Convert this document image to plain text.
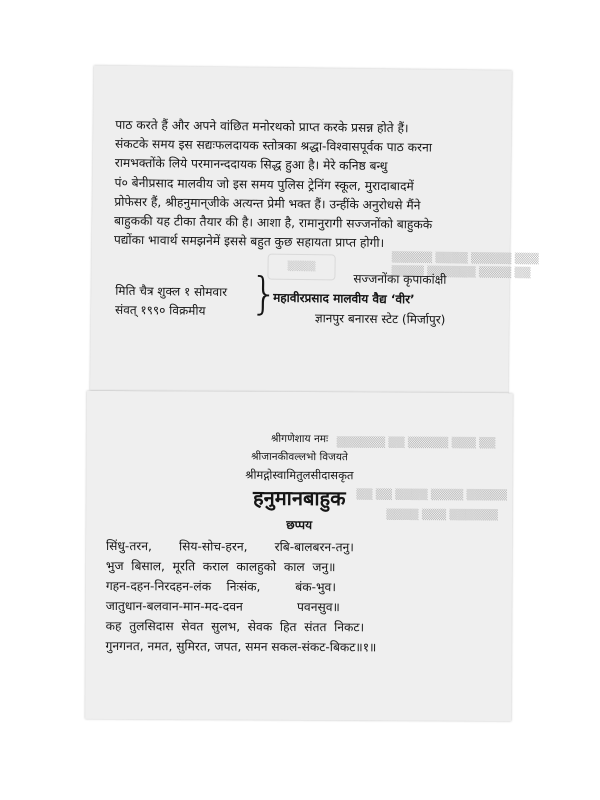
▒▒▒▒▒ ▒▒▒▒ ▒▒▒▒▒ ▒▒▒
▒▒▒▒ ▒▒▒▒▒▒ ▒▒▒▒ ▒▒

पाठ करते हैं और अपने वांछित मनोरथको प्राप्त करके प्रसन्न होते हैं।
संकटके समय इस सद्यःफलदायक स्तोत्रका श्रद्धा-विश्वासपूर्वक पाठ करना
रामभक्तोंके लिये परमानन्ददायक सिद्ध हुआ है। मेरे कनिष्ठ बन्धु
पं० बेनीप्रसाद मालवीय जो इस समय पुलिस ट्रेनिंग स्कूल, मुरादाबादमें
प्रोफेसर हैं, श्रीहनुमान्‌जीके अत्यन्त प्रेमी भक्त हैं। उन्हींके अनुरोधसे मैंने
बाहुककी यह टीका तैयार की है। आशा है, रामानुरागी सज्जनोंको बाहुकके
पद्योंका भावार्थ समझनेमें इससे बहुत कुछ सहायता प्राप्त होगी।

▒▒▒▒
मिति चैत्र शुक्ल १ सोमवार
संवत् १९९० विक्रमीय	}	सज्जनोंका कृपाकांक्षी
महावीरप्रसाद मालवीय वैद्य ‘वीर’
ज्ञानपुर बनारस स्टेट (मिर्जापुर)
▒▒▒▒▒▒ ▒▒ ▒▒▒▒▒ ▒▒▒ ▒▒
▒▒ ▒▒ ▒▒▒▒ ▒▒▒▒ ▒▒▒▒▒
▒▒▒▒ ▒▒▒ ▒▒▒▒▒▒
श्रीगणेशाय नमः
श्रीजानकीवल्लभो विजयते
श्रीमद्गोस्वामितुलसीदासकृत
हनुमानबाहुक
छप्पय
सिंधु-तरन,       सिय-सोच-हरन,       रबि-बालबरन-तनु।
भुज  बिसाल,  मूरति  कराल  कालहुको  काल  जनु॥
गहन-दहन-निरदहन-लंक    निःसंक,         बंक-भुव।
जातुधान-बलवान-मान-मद-दवन              पवनसुव॥
कह  तुलसिदास  सेवत  सुलभ,  सेवक  हित  संतत  निकट।
गुनगनत, नमत, सुमिरत, जपत, समन सकल-संकट-बिकट॥१॥
